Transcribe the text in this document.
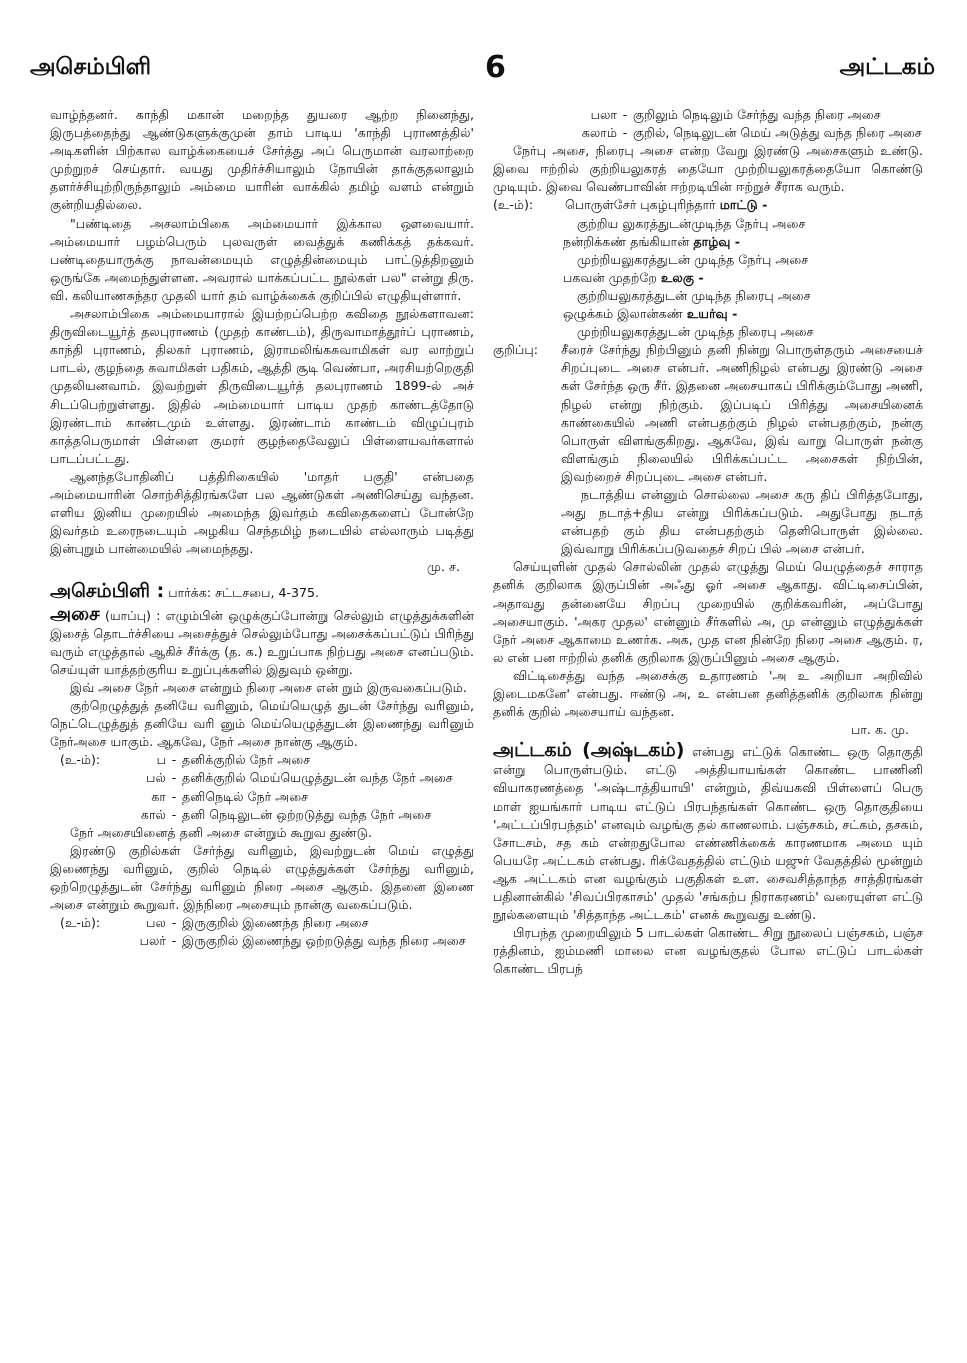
அசெம்பிளி	6	அட்டகம்

வாழ்ந்தனர். காந்தி மகான் மறைந்த துயரை ஆற்ற நினைந்து, இருபத்தைந்து ஆண்டுகளுக்குமுன் தாம் பாடிய 'காந்தி புராணத்தில்' அடிகளின் பிற்கால வாழ்க்கையைச் சேர்த்து அப் பெருமான் வரலாற்றை முற்றுறச் செய்தார். வயது முதிர்ச்சியாலும் நோயின் தாக்குதலாலும் தளர்ச்சியுற்றிருந்தாலும் அம்மை யாரின் வாக்கில் தமிழ் வளம் என்றும் குன்றியதில்லை.

"பண்டிதை அசலாம்பிகை அம்மையார் இக்கால ஔவையார். அம்மையார் பழம்பெரும் புலவருள் வைத்துக் கணிக்கத் தக்கவர். பண்டிதையாருக்கு நாவன்மையும் எழுத்தின்மையும் பாட்டுத்திறனும் ஒருங்கே அமைந்துள்ளன. அவரால் யாக்கப்பட்ட நூல்கள் பல" என்று திரு. வி. கலியாணசுந்தர முதலி யார் தம் வாழ்க்கைக் குறிப்பில் எழுதியுள்ளார்.

அசலாம்பிகை அம்மையாரால் இயற்றப்பெற்ற கவிதை நூல்களாவன: திருவிடையூர்த் தலபுராணம் (முதற் காண்டம்), திருவாமாத்தூர்ப் புராணம், காந்தி புராணம், திலகர் புராணம், இராமலிங்கசுவாமிகள் வர லாற்றுப் பாடல், குழந்தை சுவாமிகள் பதிகம், ஆத்தி சூடி வெண்பா, அரசியற்றெகுதி முதலியனவாம். இவற்றுள் திருவிடையூர்த் தலபுராணம் 1899-ல் அச் சிடப்பெற்றுள்ளது. இதில் அம்மையார் பாடிய முதற் காண்டத்தோடு இரண்டாம் காண்டமும் உள்ளது. இரண்டாம் காண்டம் விழுப்புரம் காத்தபெருமாள் பிள்ளை குமரர் குழந்தைவேலுப் பிள்ளையவர்களால் பாடப்பட்டது.

ஆனந்தபோதினிப் பத்திரிகையில் 'மாதர் பகுதி' என்பதை அம்மையாரின் சொற்சித்திரங்களே பல ஆண்டுகள் அணிசெய்து வந்தன. எளிய இனிய முறையில் அமைந்த இவர்தம் கவிதைகளைப் போன்றே இவர்தம் உரைநடையும் அழகிய செந்தமிழ் நடையில் எல்லாரும் படித்து இன்புறும் பான்மையில் அமைந்தது.

மு. ச.

அசெம்பிளி : பார்க்க: சட்டசபை, 4-375.

அசை (யாப்பு) : எழும்பின் ஒழுக்குப்போன்று செல்லும் எழுத்துக்களின் இசைத் தொடர்ச்சியை அசைத்துச் செல்லும்போது அசைக்கப்பட்டுப் பிரிந்து வரும் எழுத்தால் ஆகிச் சீர்க்கு (த. க.) உறுப்பாக நிற்பது அசை எனப்படும். செய்யுள் யாத்தற்குரிய உறுப்புக்களில் இதுவும் ஒன்று.

இவ் அசை நேர் அசை என்றும் நிரை அசை என் றும் இருவகைப்படும்.

குற்றெழுத்துத் தனியே வரினும், மெய்யெழுத் துடன் சேர்ந்து வரினும், நெட்டெழுத்துத் தனியே வரி னும் மெய்யெழுத்துடன் இணைந்து வரினும் நேர்அசை யாகும். ஆகவே, நேர் அசை நான்கு ஆகும்.

(உ-ம்):	ப - தனிக்குறில் நேர் அசை
பல் - தனிக்குறில் மெய்யெழுத்துடன் வந்த நேர் அசை
கா - தனிநெடில் நேர் அசை
கால் - தனி நெடிலுடன் ஒற்றடுத்து வந்த நேர் அசை

நேர் அசையினைத் தனி அசை என்றும் கூறுவ துண்டு.

இரண்டு குறில்கள் சேர்ந்து வரினும், இவற்றுடன் மெய் எழுத்து இணைந்து வரினும், குறில் நெடில் எழுத்துக்கள் சேர்ந்து வரினும், ஒற்றெழுத்துடன் சேர்ந்து வரினும் நிரை அசை ஆகும். இதனை இணை அசை என்றும் கூறுவர். இந்நிரை அசையும் நான்கு வகைப்படும்.

(உ-ம்):	பல - இருகுறில் இணைந்த நிரை அசை
பலர் - இருகுறில் இணைந்து ஒற்றடுத்து வந்த நிரை அசை
பலா - குறிலும் நெடிலும் சேர்ந்து வந்த நிரை அசை
கலாம் - குறில், நெடிலுடன் மெய் அடுத்து வந்த நிரை அசை

நேர்பு அசை, நிரைபு அசை என்ற வேறு இரண்டு அசைகளும் உண்டு. இவை ஈற்றில் குற்றியலுகரத் தையோ முற்றியலுகரத்தையோ கொண்டு முடியும். இவை வெண்பாவின் ஈற்றடியின் ஈற்றுச் சீராக வரும்.

(உ-ம்):	பொருள்சேர் புகழ்புரிந்தார் மாட்டு -
குற்றிய லுகரத்துடன்முடிந்த நேர்பு அசை
நன்றிக்கண் தங்கியான் தாழ்வு -
முற்றியலுகரத்துடன் முடிந்த நேர்பு அசை
பகவன் முதற்றே உலகு -
குற்றியலுகரத்துடன் முடிந்த நிரைபு அசை
ஒழுக்கம் இலான்கண் உயர்வு -
முற்றியலுகரத்துடன் முடிந்த நிரைபு அசை
குறிப்பு:	சீரைச் சேர்ந்து நிற்பினும் தனி நின்று பொருள்தரும் அசையைச் சிறப்புடை அசை என்பர். அணிநிழல் என்பது இரண்டு அசை கள் சேர்ந்த ஒரு சீர். இதனை அசையாகப் பிரிக்கும்போது அணி, நிழல் என்று நிற்கும். இப்படிப் பிரித்து அசையினைக் காண்கையில் அணி என்பதற்கும் நிழல் என்பதற்கும், நன்கு பொருள் விளங்குகிறது. ஆகவே, இவ் வாறு பொருள் நன்கு விளங்கும் நிலையில் பிரிக்கப்பட்ட அசைகள் நிற்பின், இவற்றைச் சிறப்புடை அசை என்பர்.

நடாத்திய என்னும் சொல்லை அசை கரு திப் பிரித்தபோது, அது நடாத்+திய என்று பிரிக்கப்படும். அதுபோது நடாத் என்பதற் கும் திய என்பதற்கும் தெளிபொருள் இல்லை. இவ்வாறு பிரிக்கப்படுவதைச் சிறப் பில் அசை என்பர்.

செய்யுளின் முதல் சொல்லின் முதல் எழுத்து மெய் யெழுத்தைச் சாராத தனிக் குறிலாக இருப்பின் அஃது ஓர் அசை ஆகாது. விட்டிசைப்பின், அதாவது தன்னையே சிறப்பு முறையில் குறிக்கவரின், அப்போது அசையாகும். 'அகர முதல' என்னும் சீர்களில் அ, மு என்னும் எழுத்துக்கள் நேர் அசை ஆகாமை உணர்க. அக, முத என நின்றே நிரை அசை ஆகும். ர, ல என் பன ஈற்றில் தனிக் குறிலாக இருப்பினும் அசை ஆகும்.

விட்டிசைத்து வந்த அசைக்கு உதாரணம் 'அ உ அறியா அறிவில் இடைமகனே' என்பது. ஈண்டு அ, உ என்பன தனித்தனிக் குறிலாக நின்று தனிக் குறில் அசையாய் வந்தன.

பா. க. மு.

அட்டகம் (அஷ்டகம்) என்பது எட்டுக் கொண்ட ஒரு தொகுதி என்று பொருள்படும். எட்டு அத்தியாயங்கள் கொண்ட பாணினி வியாகரணத்தை 'அஷ்டாத்தியாயி' என்றும், திவ்யகவி பிள்ளைப் பெரு மாள் ஐயங்கார் பாடிய எட்டுப் பிரபந்தங்கள் கொண்ட ஒரு தொகுதியை 'அட்டப்பிரபந்தம்' எனவும் வழங்கு தல் காணலாம். பஞ்சகம், சட்கம், தசகம், சோடசம், சத கம் என்றதுபோல எண்ணிக்கைக் காரணமாக அமை யும் பெயரே அட்டகம் என்பது. ரிக்வேதத்தில் எட்டும் யஜுர் வேதத்தில் மூன்றும் ஆக அட்டகம் என வழங்கும் பகுதிகள் உள. சைவசித்தாந்த சாத்திரங்கள் பதினான்கில் 'சிவப்பிரகாசம்' முதல் 'சங்கற்ப நிராகரணம்' வரையுள்ள எட்டு நூல்களையும் 'சித்தாந்த அட்டகம்' எனக் கூறுவது உண்டு.

பிரபந்த முறையிலும் 5 பாடல்கள் கொண்ட சிறு நூலைப் பஞ்சகம், பஞ்ச ரத்தினம், ஐம்மணி மாலை என வழங்குதல் போல எட்டுப் பாடல்கள் கொண்ட பிரபந்
